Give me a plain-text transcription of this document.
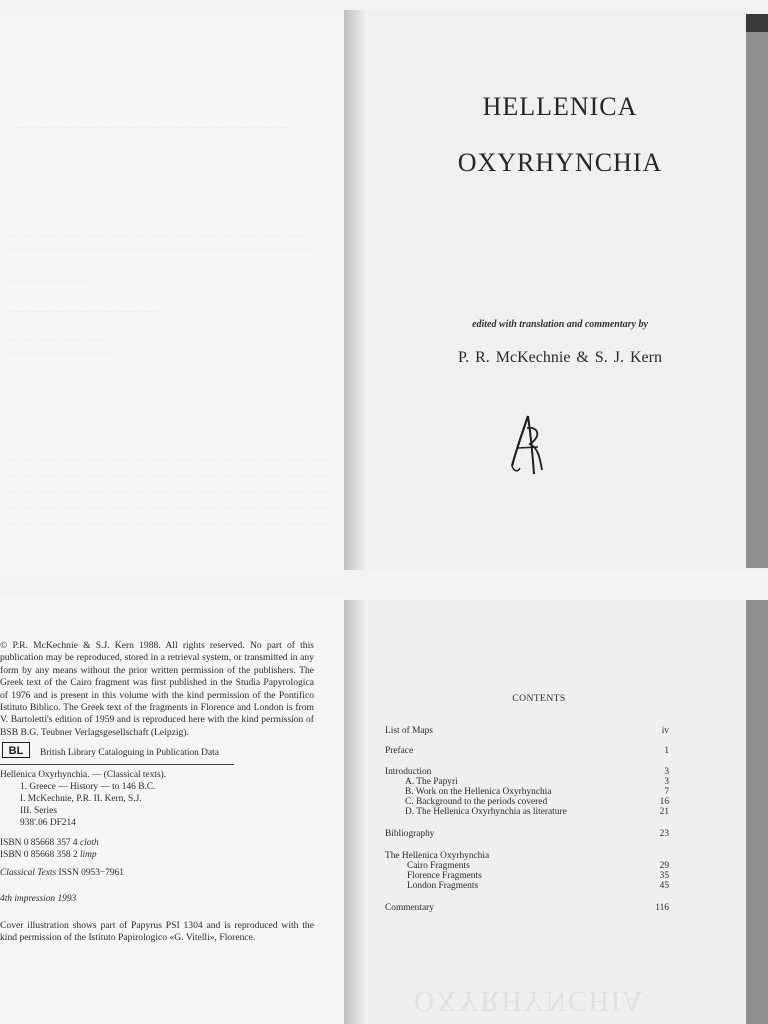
— — — — — — — — — — — — — — — — — — — — — —
— — — — — — — — — — — — — — — — — — — — — — — — —
— — — — — — — — — — — — — — — — — — — — — — — — —
— — — — — — —
— — — — — — — — — — — — —
— — — — — — — — —
— — — — — — — — —
— — — — — — — — — — — — — — — — — — — — — — — — — — —
— — — — — — — — — — — — — — — — — — — — — — — — — — —
— — — — — — — — — — — — — — — — — — — — — — — — — — —
— — — — — — — — — — — — — — — — — — — — — — — — — — —
— — — — — — — — — — — — — — — — — — — — — — — — — — —
HELLENICA
OXYRHYNCHIA
edited with translation and commentary by
P. R. McKechnie & S. J. Kern
© P.R. McKechnie & S.J. Kern 1988. All rights reserved. No part of this publication may be reproduced, stored in a retrieval system, or transmitted in any form by any means without the prior written permission of the publishers. The Greek text of the Cairo fragment was first published in the Studia Papyrologica of 1976 and is present in this volume with the kind permission of the Pontifico Istituto Biblico. The Greek text of the fragments in Florence and London is from V. Bartoletti's edition of 1959 and is reproduced here with the kind permission of BSB B.G. Teubner Verlagsgesellschaft (Leipzig).
BL British Library Cataloguing in Publication Data
Hellenica Oxyrhynchia. — (Classical texts).
1. Greece — History — to 146 B.C.
I. McKechnie, P.R. II. Kern, S.J.
III. Series
938'.06 DF214
ISBN 0 85668 357 4 cloth
ISBN 0 85668 358 2 limp
Classical Texts ISSN 0953−7961
4th impression 1993
Cover illustration shows part of Papyrus PSI 1304 and is reproduced with the kind permission of the Istituto Papirologico «G. Vitelli», Florence.
OXYRHYNCHIA
CONTENTS
List of Maps	iv
Preface	1
Introduction	3
A. The Papyri	3
B. Work on the Hellenica Oxyrhynchia	7
C. Background to the periods covered	16
D. The Hellenica Oxyrhynchia as literature	21
Bibliography	23
The Hellenica Oxyrhynchia
Cairo Fragments	29
Florence Fragments	35
London Fragments	45
Commentary	116
